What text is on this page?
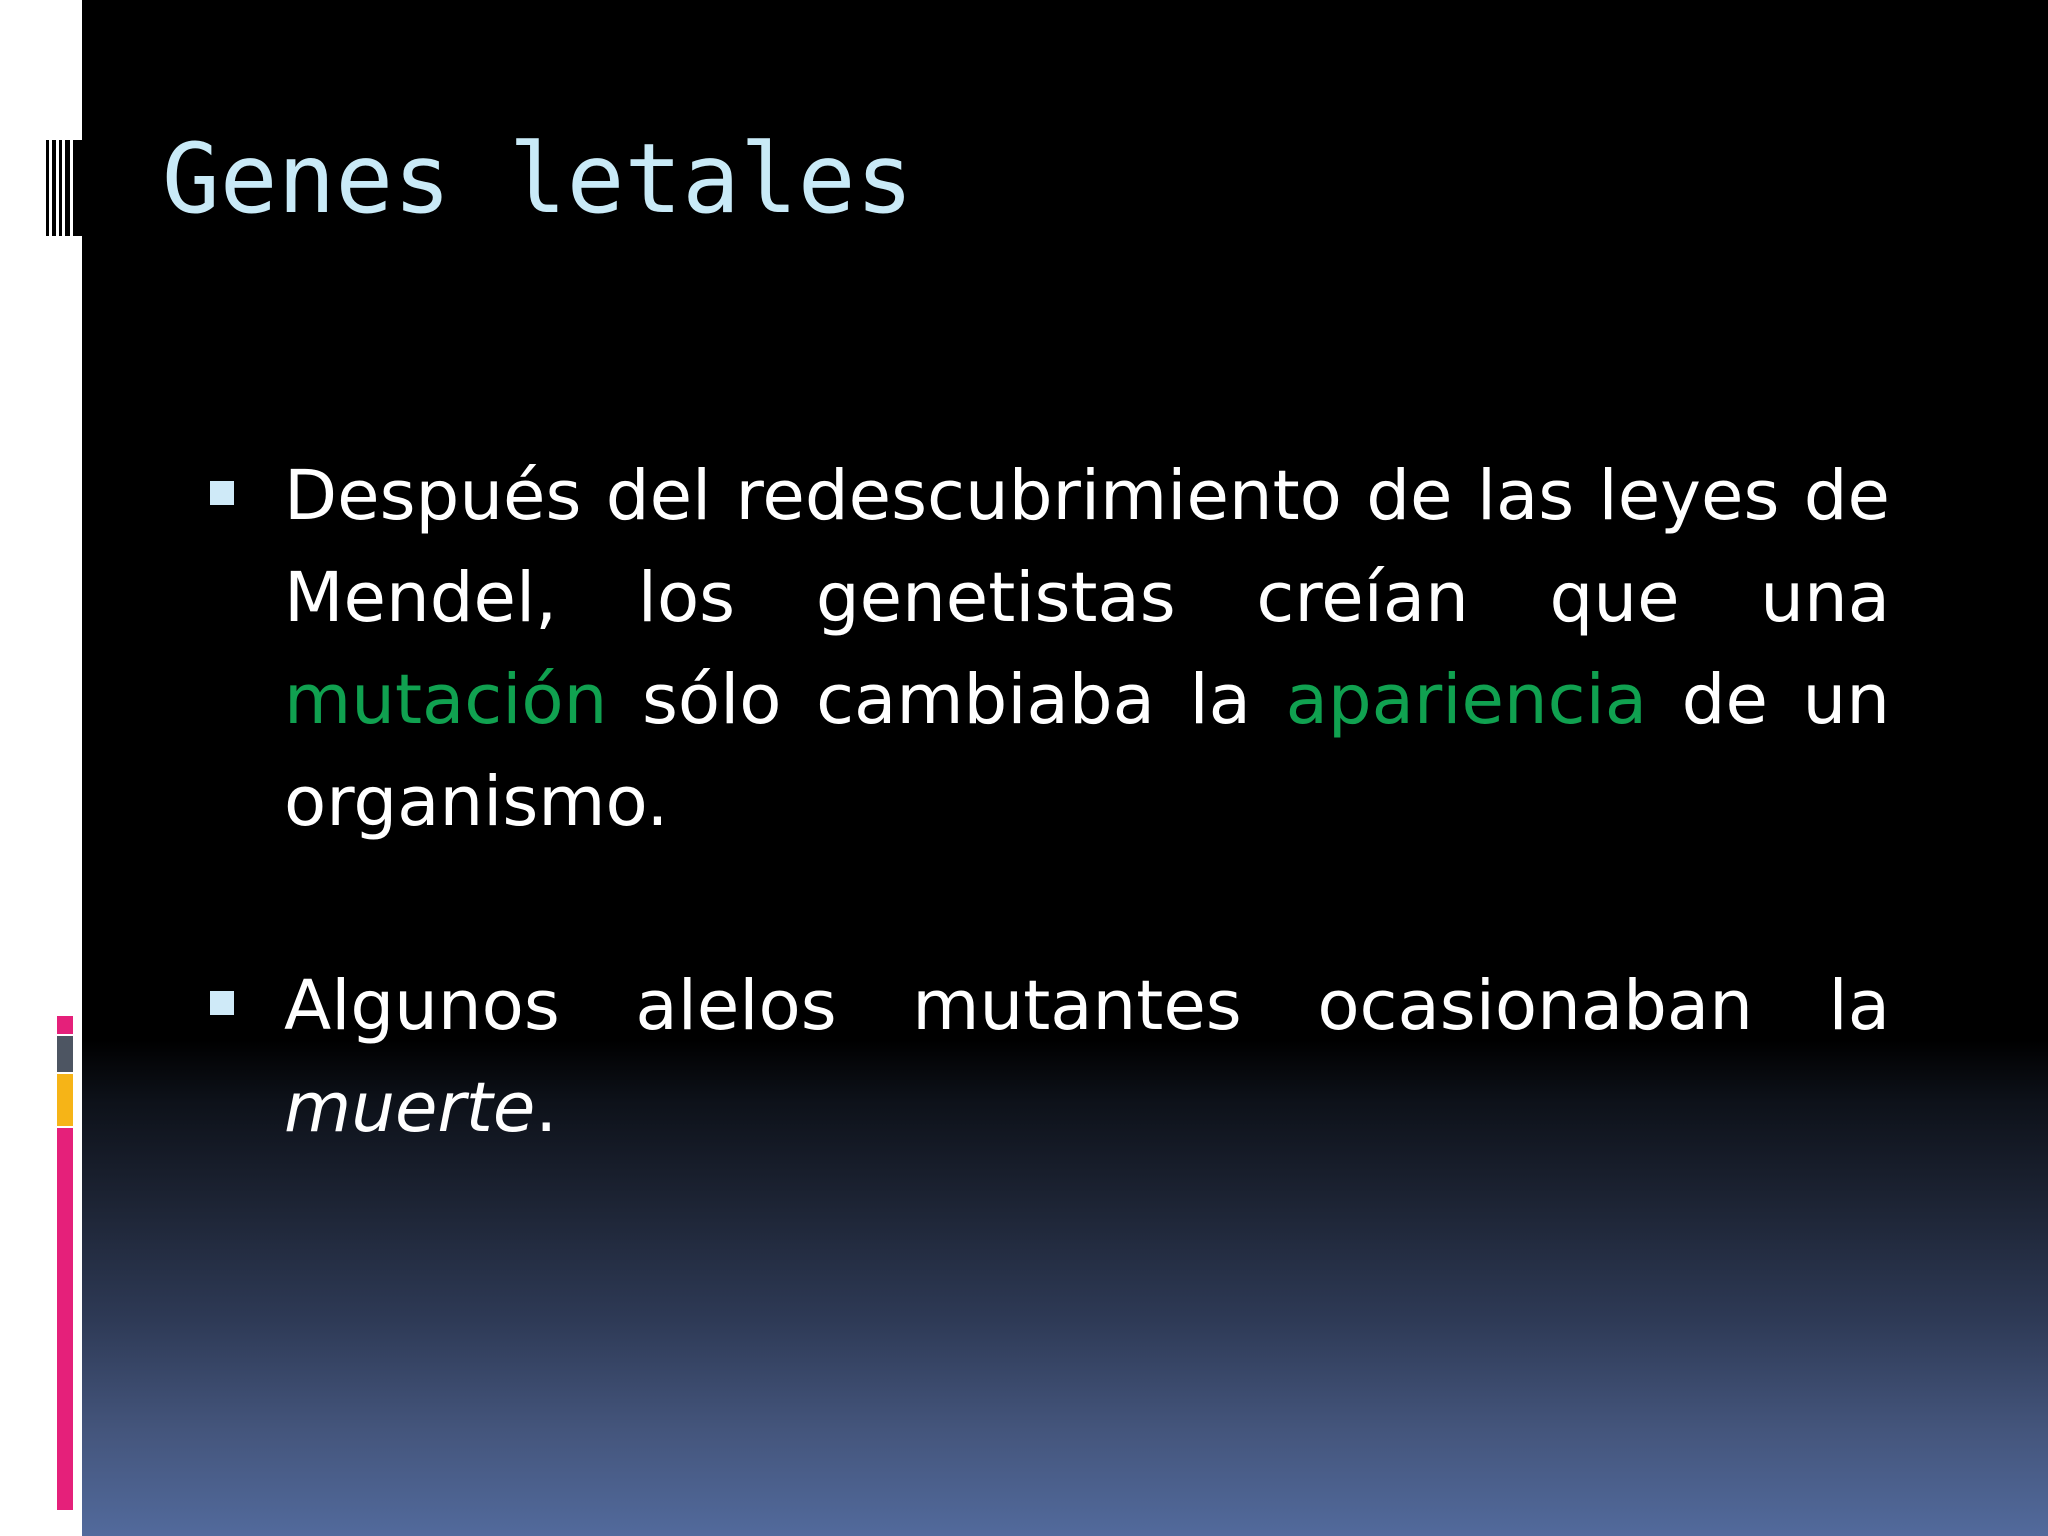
Genes letales
Después del redescubrimiento de las leyes de Mendel, los genetistas creían que una mutación sólo cambiaba la apariencia de un organismo.
Algunos alelos mutantes ocasionaban la muerte.
